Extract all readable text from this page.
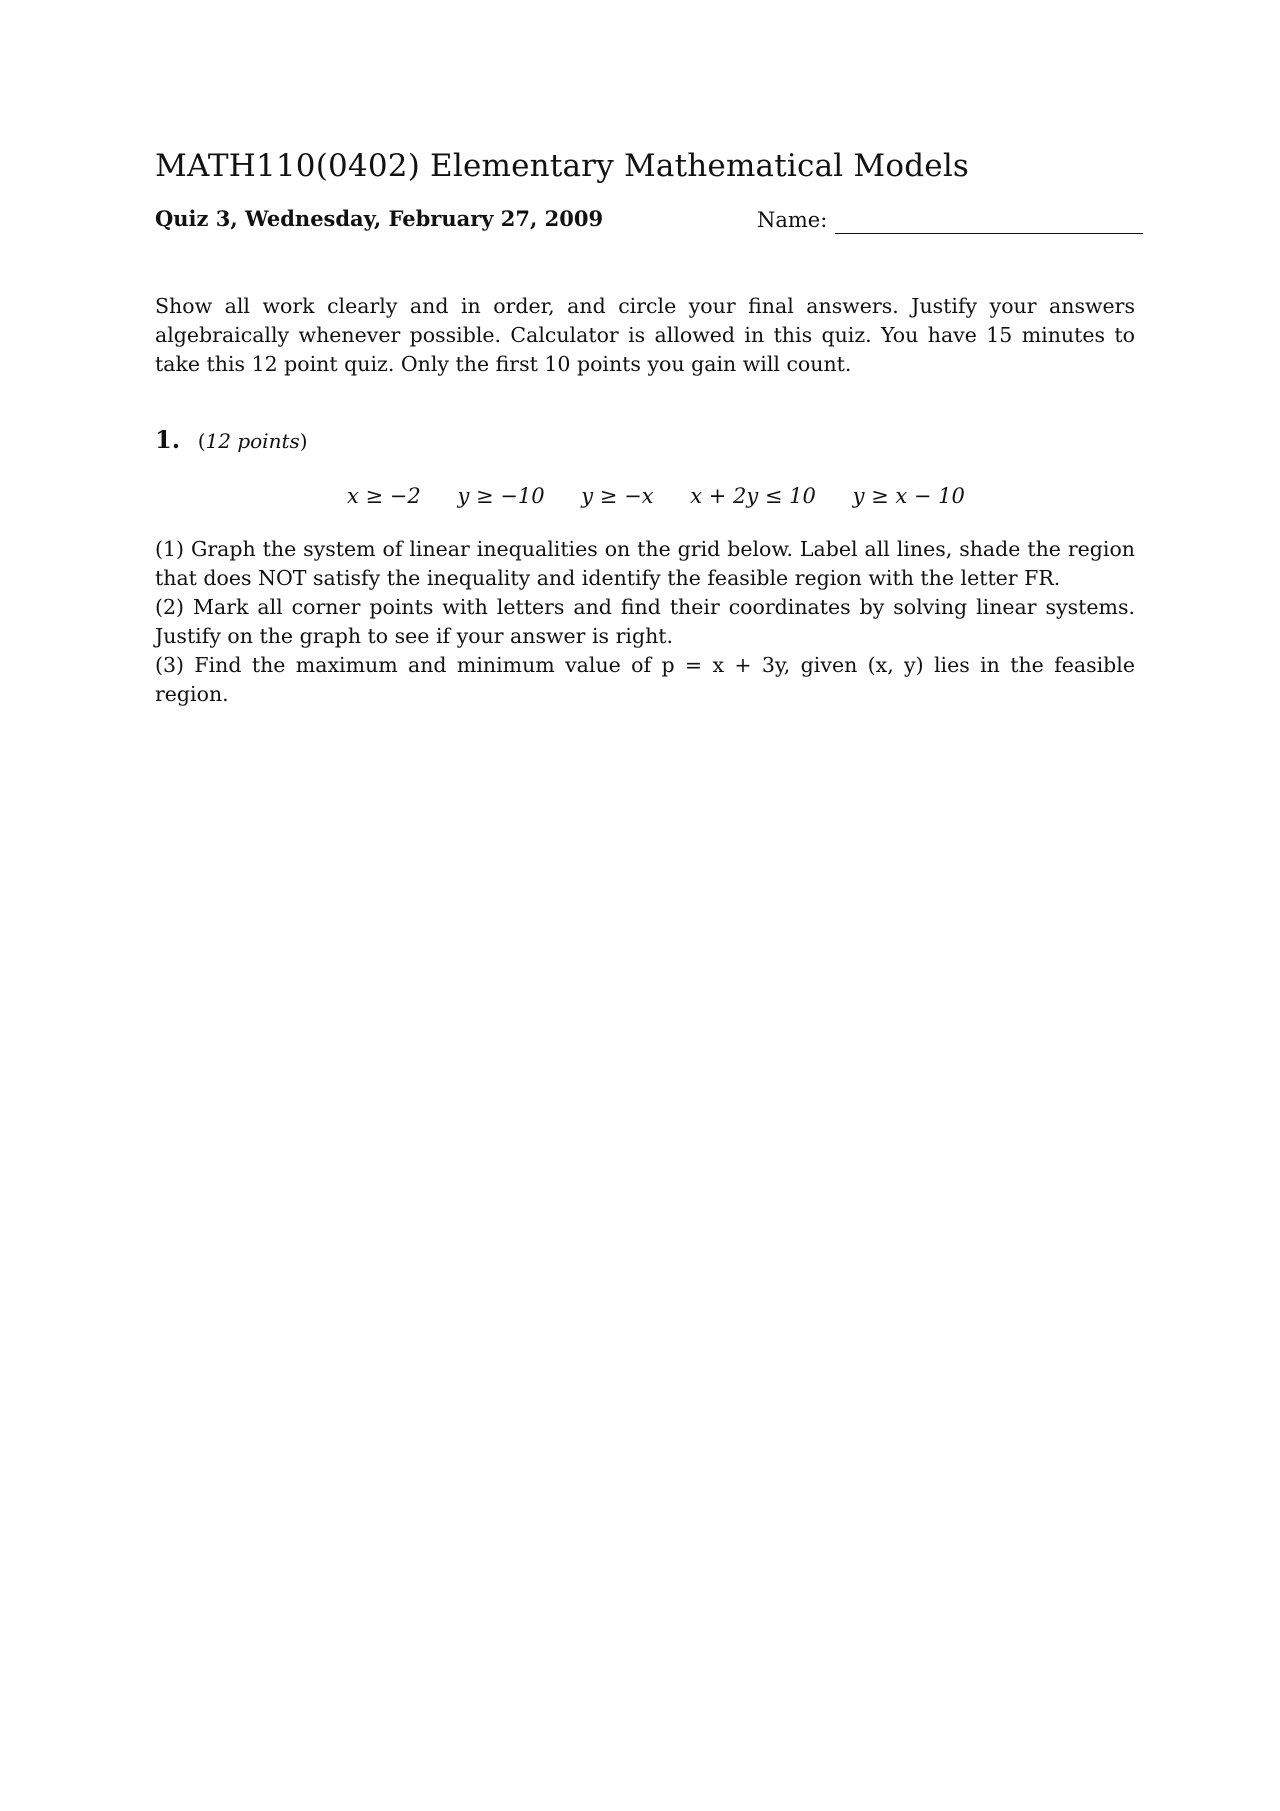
MATH110(0402) Elementary Mathematical Models
Quiz 3, Wednesday, February 27, 2009	Name:

Show all work clearly and in order, and circle your final answers. Justify your answers algebraically whenever possible. Calculator is allowed in this quiz. You have 15 minutes to take this 12 point quiz. Only the first 10 points you gain will count.

1. (12 points)
x ≥ −2 y ≥ −10 y ≥ −x x + 2y ≤ 10 y ≥ x − 10

(1) Graph the system of linear inequalities on the grid below. Label all lines, shade the region that does NOT satisfy the inequality and identify the feasible region with the letter FR.

(2) Mark all corner points with letters and find their coordinates by solving linear systems. Justify on the graph to see if your answer is right.

(3) Find the maximum and minimum value of p = x + 3y, given (x, y) lies in the feasible region.
